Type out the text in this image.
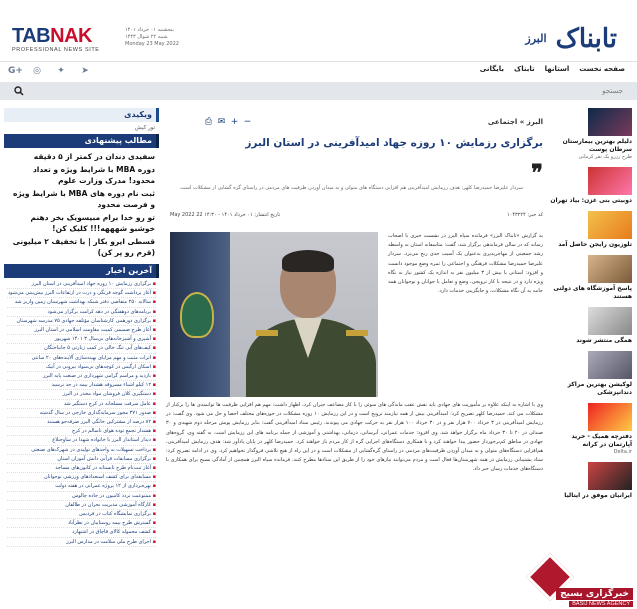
TABNAK
PROFESSIONAL NEWS SITE
پنجشنبه ۰۱ خرداد ۱۴۰۱
شنبه ۲۲ شوال ۱۴۴۳
Monday 23 May 2022	تابناک $^{البرز}$
صفحه نخست
استانها
تابناک
بایگانی
G+ ◎ ✦ ➤
جستجو
ویکیدی
تور کیش
مطالب پیشنهادی
سفیدی دندان در کمتر از ۵ دقیقه
دوره MBA با شرایط ویژه و تعداد محدود! مدرک وزارت علوم
ثبت نام دوره های MBA با شرایط ویژه و فرصت محدود
تو رو خدا برام مبیسویک بخر دهنم خوشبو شهههه!!! کلیک کن!
قسطی ایرو بکار | با تخفیف ۲ میلیونی (قرم رو پر کن)
آخرین اخبار
▪ برگزاری رزمایش ۱۰ روزه جهاد امیدآفرینی در استان البرز
▪ آغاز برداشت گوجه فرنگی و ذرت در ارتفاعات البرز بیش‌بینی می‌شود
▪ سالانه ۲۵۰ متقاضی دفتر شبکه بهداشت شهرستان زمین واریز شد
▪ برنامه‌های دوهفتگی در دهه کرامت برگزار می‌شود
▪ برگزاری دورهمی کارشناسان مؤتلفه جهادی ۷۵ مدرسه شهرستان
▪ آغاز طرح صمیمی کمیت مقاومت اسلامی در استان البرز
▪ آشپزی و آشپزخانه‌های بی‌سال ۳ ۱۴۰۱ شهریور
▪ کیف‌های آبی تنگ خالی در کمپ زیارتی ۵ جانباختگان
▪ اثرات مثبت و مهم مزایای بهینه‌سازی آلاینده‌های ۲۰ سانتی
▪ اسکان ارگیس در کوچه‌های بی‌سواد بیرونی در آبیک
▪ بازدید و مراسم گرامی شهرداری در صنعت پایه البرز
▪ ۱۲ کیلو اشیاء مسروقه هشدار بیمه در حد نرسید
▪ دستگیری کلان فروشان مواد مخدر در البرز
▪ عامل سرقت مسلحانه در کرج دستگیر شد
▪ صدور ۳۷۱ مجوز سرمایه‌گذاری خارجی در سال گذشته
▪ ۸۲ درصد از مشترکین خانگی البرز صرفه‌جو هستند
▪ هشدار تجمع توده هوای ناسالم در کرج
▪ دیدار استاندار البرز با خانواده شهدا در ساوجبلاغ
▪ پرداخت تسهیلات به واحدهای تولیدی در شهرک‌های صنعتی
▪ برگزاری مسابقات قرآنی دانش آموزان استان
▪ آغاز ثبت‌نام طرح تابستانه در کانون‌های مساجد
▪ مسابقه‌ای برای کشف استعدادهای ورزشی نوجوانان
▪ بهره‌برداری از ۱۲ پروژه عمرانی در هفته دولت
▪ ممنوعیت تردد کامیون در جاده چالوس
▪ کارگاه آموزشی مدیریت بحران در طالقان
▪ برگزاری نمایشگاه کتاب در فردیس
▪ گسترش طرح بیمه روستاییان در نظرآباد
▪ کشف محموله کالای قاچاق در اشتهارد
▪ اجرای طرح ملی سلامت در مدارس البرز
⎙ ✉ + −	البرز » اجتماعی
برگزاری رزمایش ۱۰ روزه جهاد امیدآفرینی در استان البرز
❞
سردار علیرضا حمیدرضا کلهر: هدف رزمایش امیدآفرینی هم افزایی دستگاه های متولی و به میدان آوردن ظرفیت های مردمی در راستای گره گشایی از مشکلات است.
کد خبر: ۱۰۴۳۲۲۴
تاریخ انتشار: ۰۱ خرداد ۱۴۰۱ - ۱۴:۳۰ 22 May 2022

به گزارش «تابناک البرز» فرمانده سپاه البرز در نشست خبری با اصحاب رسانه که در سالن فرماندهی برگزار شد، گفت: متاسفانه استان به واسطه رشد جمعیتی از مهاجرپذیری به‌عنوان یک آسیب جدی رنج می‌برد. سردار علیرضا حمیدرضا مشکلات فرهنگی و اجتماعی را ثمره وضع موجود دانست و افزود: استانی با بیش از ۳ میلیون نفر به اندازه یک کشور نیاز به نگاه ویژه دارد و در نتیجه با کار ترویجی، وضع و تعامل با جوانان و نوجوانان همه جانبه به آن نگاه مشکلات، و جایگزینی خدمات دارد.

وی با اشاره به اینکه علاوه بر مأموریت های جهادی باید نقش عقب ماندگی های سوئی را با کار مضاعف جبران کرد، اظهار داشت: مهم هم افزایی ظرفیت ها توانمندی ها را برکنار از مشکلات می کند. حمیدرضا کلهر تصریح کرد: امیدآفرینی بیش از همه نیازمند ترویج است و در این رزمایش ۱۰ روزه مشکلات در حوزه‌های مختلف احصا و حل می شود. وی گفت: در رزمایش امیدآفرینی در ۳ خرداد ۷۰۰ هزار نفر و در ۳۰ خرداد ۱۰۰ هزار نفر به حرکت جهادی می پیوندند. رئیس ستاد امیدآفرینی گفت: بنابر رزمایش پویش مرحله دوم شهیدی و ۳۰ صندلی در ۲۰ تا ۳۰ خرداد ماه برگزار خواهد شد. وی افزود: خدمات عمرانی، آبرسانی، درمانی، بهداشتی و آموزشی از جمله برنامه های این رزمایش است. به گفته وی، گروه‌های جهادی در مناطق کم‌برخوردار حضور پیدا خواهند کرد و با همکاری دستگاه‌های اجرایی گره از کار مردم باز خواهند کرد. حمیدرضا کلهر در پایان یادآور شد: هدف رزمایش امیدآفرینی، هم‌افزایی دستگاه‌های متولی و به میدان آوردن ظرفیت‌های مردمی در راستای گره‌گشایی از مشکلات است و در این راه از هیچ تلاشی فروگذار نخواهیم کرد. وی در ادامه تصریح کرد: ستاد پشتیبانی رزمایش در همه شهرستان‌ها فعال است و مردم می‌توانند نیازهای خود را از طریق این ستادها مطرح کنند. فرمانده سپاه البرز همچنین از آمادگی بسیج برای همکاری با دستگاه‌های خدمات رسان خبر داد.

دلیلم بهترین بیمارستان سرطان پوست
طرح رزرو یک نفر کرمانی
دوبیتی بنی غزن: بیاد تهران
تلوزیون رایجن حاصل آمد
پاسخ آموزشگاه های دولتی هستند
همگی منتشر شوند
لوکیشن بهترین مراکز دندانپزشکی
دفترچه همیک - خرید آپارتمان در کرانه
Delta.ir
ایرانیان موفق در ایتالیا
خبرگزاری بسیج
BASIJ NEWS AGENCY
